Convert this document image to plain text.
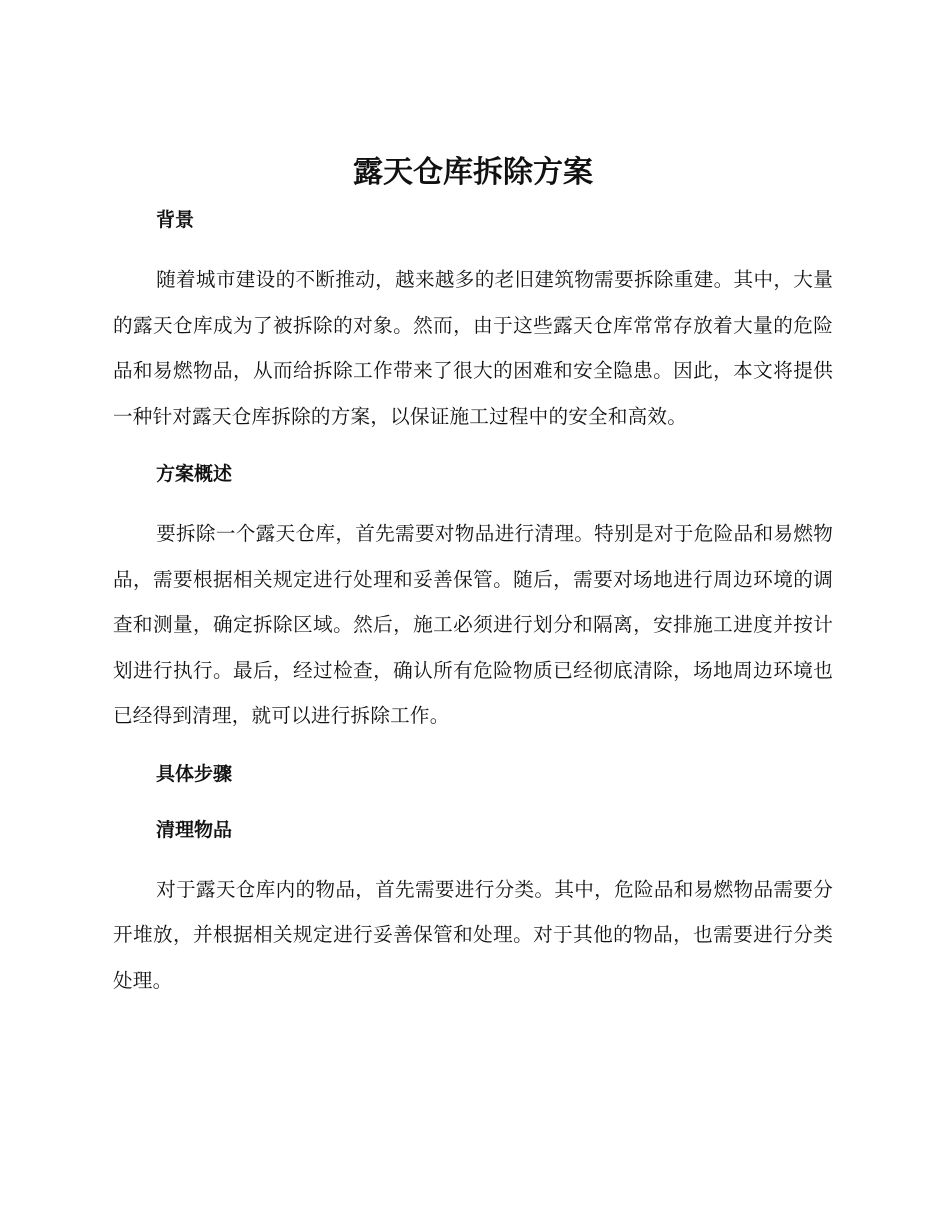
露天仓库拆除方案
背景

随着城市建设的不断推动，越来越多的老旧建筑物需要拆除重建。其中，大量的露天仓库成为了被拆除的对象。然而，由于这些露天仓库常常存放着大量的危险品和易燃物品，从而给拆除工作带来了很大的困难和安全隐患。因此，本文将提供一种针对露天仓库拆除的方案，以保证施工过程中的安全和高效。

方案概述

要拆除一个露天仓库，首先需要对物品进行清理。特别是对于危险品和易燃物品，需要根据相关规定进行处理和妥善保管。随后，需要对场地进行周边环境的调查和测量，确定拆除区域。然后，施工必须进行划分和隔离，安排施工进度并按计划进行执行。最后，经过检查，确认所有危险物质已经彻底清除，场地周边环境也已经得到清理，就可以进行拆除工作。

具体步骤
清理物品

对于露天仓库内的物品，首先需要进行分类。其中，危险品和易燃物品需要分开堆放，并根据相关规定进行妥善保管和处理。对于其他的物品，也需要进行分类处理。
